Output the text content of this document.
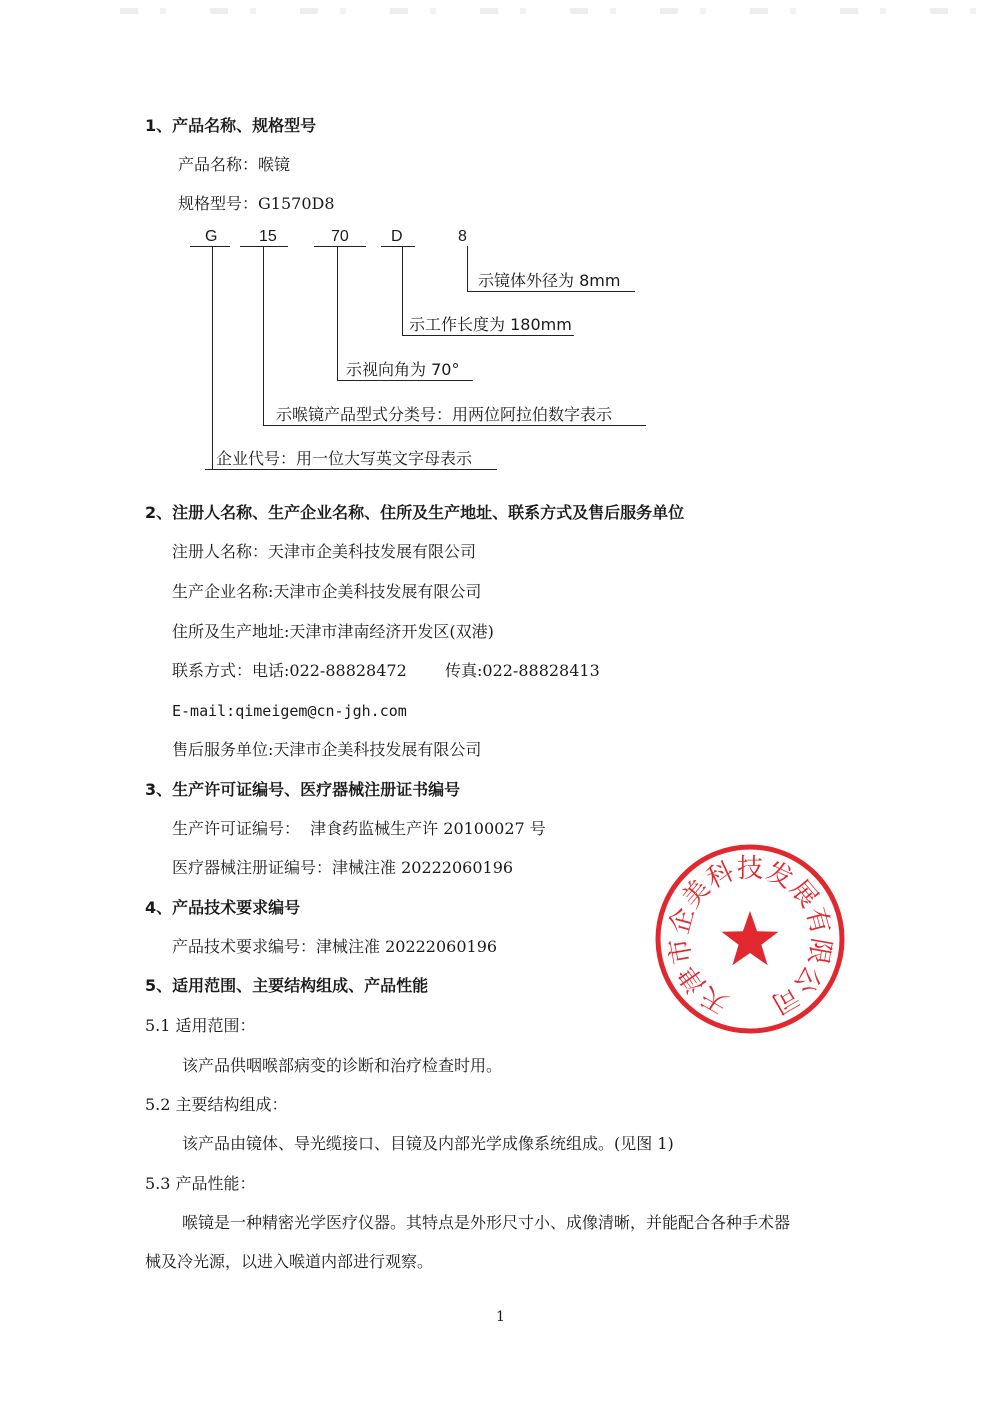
1、产品名称、规格型号
产品名称：喉镜
规格型号：G1570D8
G	15	70	D	8
示镜体外径为 8mm
示工作长度为 180mm
示视向角为 70°
示喉镜产品型式分类号：用两位阿拉伯数字表示
企业代号：用一位大写英文字母表示
2、注册人名称、生产企业名称、住所及生产地址、联系方式及售后服务单位
注册人名称：天津市企美科技发展有限公司
生产企业名称:天津市企美科技发展有限公司
住所及生产地址:天津市津南经济开发区(双港)
联系方式：电话:022-88828472 传真:022-88828413
E-mail:qimeigem@cn-jgh.com
售后服务单位:天津市企美科技发展有限公司
3、生产许可证编号、医疗器械注册证书编号
生产许可证编号：  津食药监械生产许 20100027 号
医疗器械注册证编号：津械注准 20222060196
4、产品技术要求编号
产品技术要求编号：津械注准 20222060196
5、适用范围、主要结构组成、产品性能
5.1 适用范围：
该产品供咽喉部病变的诊断和治疗检查时用。
5.2 主要结构组成：
该产品由镜体、导光缆接口、目镜及内部光学成像系统组成。(见图 1)
5.3 产品性能：
喉镜是一种精密光学医疗仪器。其特点是外形尺寸小、成像清晰，并能配合各种手术器
械及冷光源，以进入喉道内部进行观察。
1
天
津
市
企
美
科
技
发
展
有
限
公
司
